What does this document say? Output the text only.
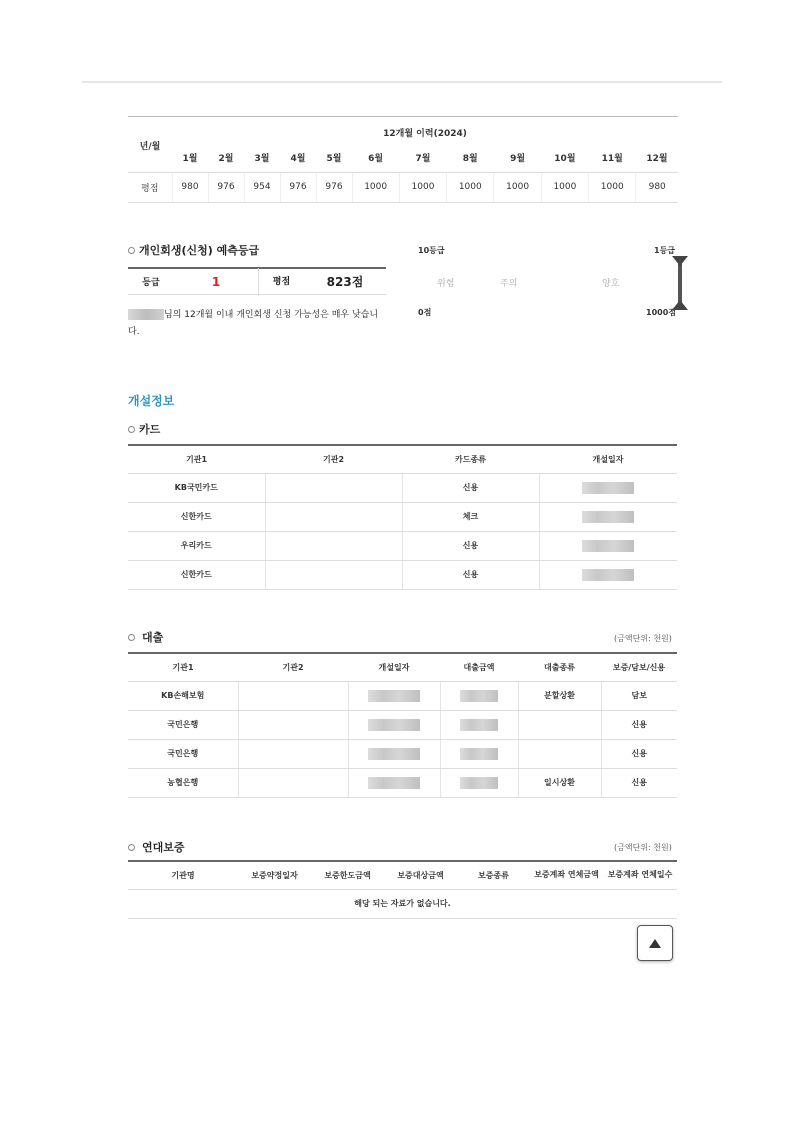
년/월	12개월 이력(2024)											
	1월	2월	3월	4월	5월	6월	7월	8월	9월	10월	11월	12월
평점	980	976	954	976	976	1000	1000	1000	1000	1000	1000	980
개인회생(신청) 예측등급
등급	1	평점	823점
님의 12개월 이내 개인회생 신청 가능성은 매우 낮습니다.
10등급	1등급
위험	주의	양호
0점	1000점
개설정보
카드
기관1	기관2	카드종류	개설일자
KB국민카드		신용	
신한카드		체크	
우리카드		신용	
신한카드		신용	
대출	(금액단위: 천원)
기관1	기관2	개설일자	대출금액	대출종류	보증/담보/신용
KB손해보험				분할상환	담보
국민은행					신용
국민은행					신용
농협은행				일시상환	신용
연대보증	(금액단위: 천원)
기관명	보증약정일자	보증한도금액	보증대상금액	보증종류	보증계좌 연체금액	보증계좌 연체일수
해당 되는 자료가 없습니다.
